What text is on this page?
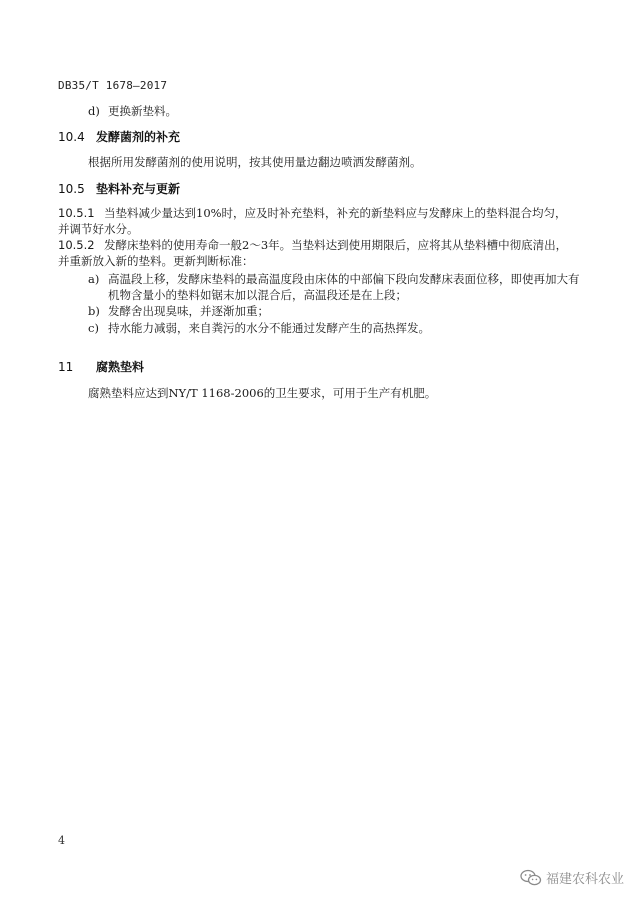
DB35/T 1678—2017
d) 更换新垫料。
10.4 发酵菌剂的补充
根据所用发酵菌剂的使用说明，按其使用量边翻边喷洒发酵菌剂。
10.5 垫料补充与更新
10.5.1 当垫料减少量达到10%时，应及时补充垫料，补充的新垫料应与发酵床上的垫料混合均匀，
并调节好水分。
10.5.2 发酵床垫料的使用寿命一般2～3年。当垫料达到使用期限后，应将其从垫料槽中彻底清出，
并重新放入新的垫料。更新判断标准：
a) 高温段上移，发酵床垫料的最高温度段由床体的中部偏下段向发酵床表面位移，即使再加大有
机物含量小的垫料如锯末加以混合后，高温段还是在上段；
b) 发酵舍出现臭味，并逐渐加重；
c) 持水能力减弱，来自粪污的水分不能通过发酵产生的高热挥发。
11 腐熟垫料
腐熟垫料应达到NY/T 1168-2006的卫生要求，可用于生产有机肥。
4
福建农科农业
